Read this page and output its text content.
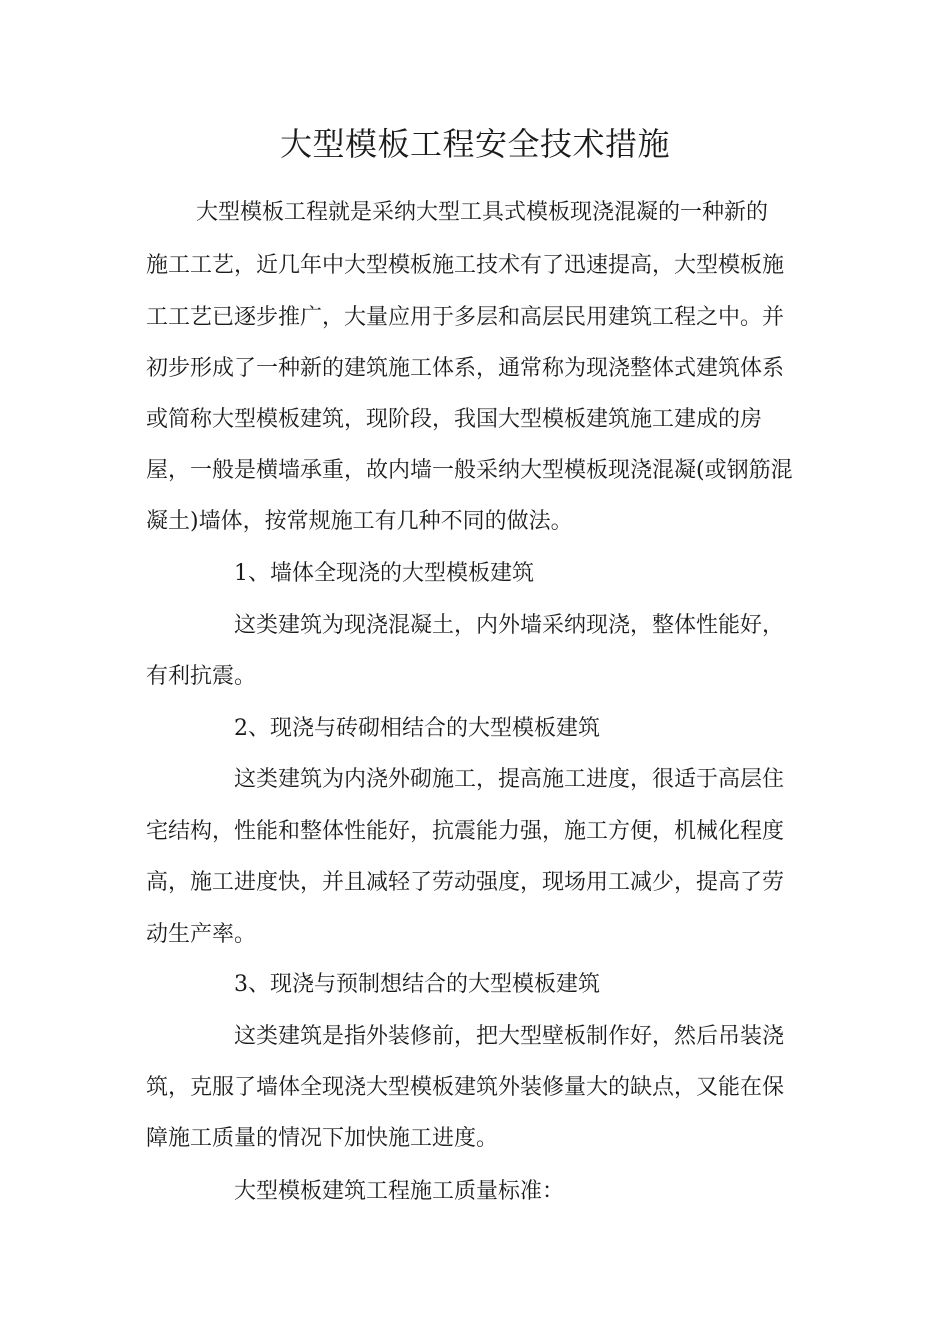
大型模板工程安全技术措施
大型模板工程就是采纳大型工具式模板现浇混凝的一种新的
施工工艺，近几年中大型模板施工技术有了迅速提高，大型模板施
工工艺已逐步推广，大量应用于多层和高层民用建筑工程之中。并
初步形成了一种新的建筑施工体系，通常称为现浇整体式建筑体系
或简称大型模板建筑，现阶段，我国大型模板建筑施工建成的房
屋，一般是横墙承重，故内墙一般采纳大型模板现浇混凝(或钢筋混
凝土)墙体，按常规施工有几种不同的做法。
1、墙体全现浇的大型模板建筑
这类建筑为现浇混凝土，内外墙采纳现浇，整体性能好，
有利抗震。
2、现浇与砖砌相结合的大型模板建筑
这类建筑为内浇外砌施工，提高施工进度，很适于高层住
宅结构，性能和整体性能好，抗震能力强，施工方便，机械化程度
高，施工进度快，并且减轻了劳动强度，现场用工减少，提高了劳
动生产率。
3、现浇与预制想结合的大型模板建筑
这类建筑是指外装修前，把大型壁板制作好，然后吊装浇
筑，克服了墙体全现浇大型模板建筑外装修量大的缺点，又能在保
障施工质量的情况下加快施工进度。
大型模板建筑工程施工质量标准：
